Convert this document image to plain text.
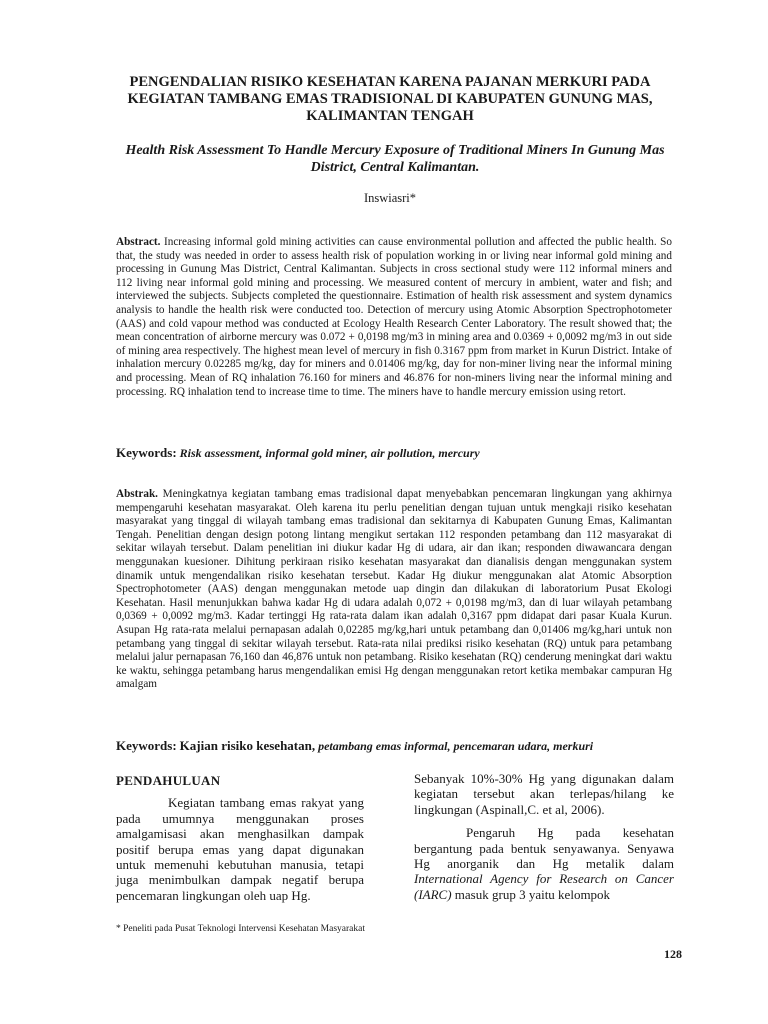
PENGENDALIAN RISIKO KESEHATAN KARENA PAJANAN MERKURI PADA KEGIATAN TAMBANG EMAS TRADISIONAL DI KABUPATEN GUNUNG MAS, KALIMANTAN TENGAH
Health Risk Assessment To Handle Mercury Exposure of Traditional Miners In Gunung Mas District, Central Kalimantan.
Inswiasri*
Abstract. Increasing informal gold mining activities can cause environmental pollution and affected the public health. So that, the study was needed in order to assess health risk of population working in or living near informal gold mining and processing in Gunung Mas District, Central Kalimantan. Subjects in cross sectional study were 112 informal miners and 112 living near informal gold mining and processing. We measured content of mercury in ambient, water and fish; and interviewed the subjects. Subjects completed the questionnaire. Estimation of health risk assessment and system dynamics analysis to handle the health risk were conducted too. Detection of mercury using Atomic Absorption Spectrophotometer (AAS) and cold vapour method was conducted at Ecology Health Research Center Laboratory. The result showed that; the mean concentration of airborne mercury was 0.072 + 0,0198 mg/m3 in mining area and 0.0369 + 0,0092 mg/m3 in out side of mining area respectively. The highest mean level of mercury in fish 0.3167 ppm from market in Kurun District. Intake of inhalation mercury 0.02285 mg/kg, day for miners and 0.01406 mg/kg, day for non-miner living near the informal mining and processing. Mean of RQ inhalation 76.160 for miners and 46.876 for non-miners living near the informal mining and processing. RQ inhalation tend to increase time to time. The miners have to handle mercury emission using retort.
Keywords: Risk assessment, informal gold miner, air pollution, mercury
Abstrak. Meningkatnya kegiatan tambang emas tradisional dapat menyebabkan pencemaran lingkungan yang akhirnya mempengaruhi kesehatan masyarakat. Oleh karena itu perlu penelitian dengan tujuan untuk mengkaji risiko kesehatan masyarakat yang tinggal di wilayah tambang emas tradisional dan sekitarnya di Kabupaten Gunung Emas, Kalimantan Tengah. Penelitian dengan design potong lintang mengikut sertakan 112 responden petambang dan 112 masyarakat di sekitar wilayah tersebut. Dalam penelitian ini diukur kadar Hg di udara, air dan ikan; responden diwawancara dengan menggunakan kuesioner. Dihitung perkiraan risiko kesehatan masyarakat dan dianalisis dengan menggunakan system dinamik untuk mengendalikan risiko kesehatan tersebut. Kadar Hg diukur menggunakan alat Atomic Absorption Spectrophotometer (AAS) dengan menggunakan metode uap dingin dan dilakukan di laboratorium Pusat Ekologi Kesehatan. Hasil menunjukkan bahwa kadar Hg di udara adalah 0,072 + 0,0198 mg/m3, dan di luar wilayah petambang 0,0369 + 0,0092 mg/m3. Kadar tertinggi Hg rata-rata dalam ikan adalah 0,3167 ppm didapat dari pasar Kuala Kurun. Asupan Hg rata-rata melalui pernapasan adalah 0,02285 mg/kg,hari untuk petambang dan 0,01406 mg/kg,hari untuk non petambang yang tinggal di sekitar wilayah tersebut. Rata-rata nilai prediksi risiko kesehatan (RQ) untuk para petambang melalui jalur pernapasan 76,160 dan 46,876 untuk non petambang. Risiko kesehatan (RQ) cenderung meningkat dari waktu ke waktu, sehingga petambang harus mengendalikan emisi Hg dengan menggunakan retort ketika membakar campuran Hg amalgam
Keywords: Kajian risiko kesehatan, petambang emas informal, pencemaran udara, merkuri
PENDAHULUAN

Kegiatan tambang emas rakyat yang pada umumnya menggunakan proses amalgamisasi akan menghasilkan dampak positif berupa emas yang dapat digunakan untuk memenuhi kebutuhan manusia, tetapi juga menimbulkan dampak negatif berupa pencemaran lingkungan oleh uap Hg.

Sebanyak 10%-30% Hg yang digunakan dalam kegiatan tersebut akan terlepas/hilang ke lingkungan (Aspinall,C. et al, 2006).

Pengaruh Hg pada kesehatan bergantung pada bentuk senyawanya. Senyawa Hg anorganik dan Hg metalik dalam International Agency for Research on Cancer (IARC) masuk grup 3 yaitu kelompok

* Peneliti pada Pusat Teknologi Intervensi Kesehatan Masyarakat
128
